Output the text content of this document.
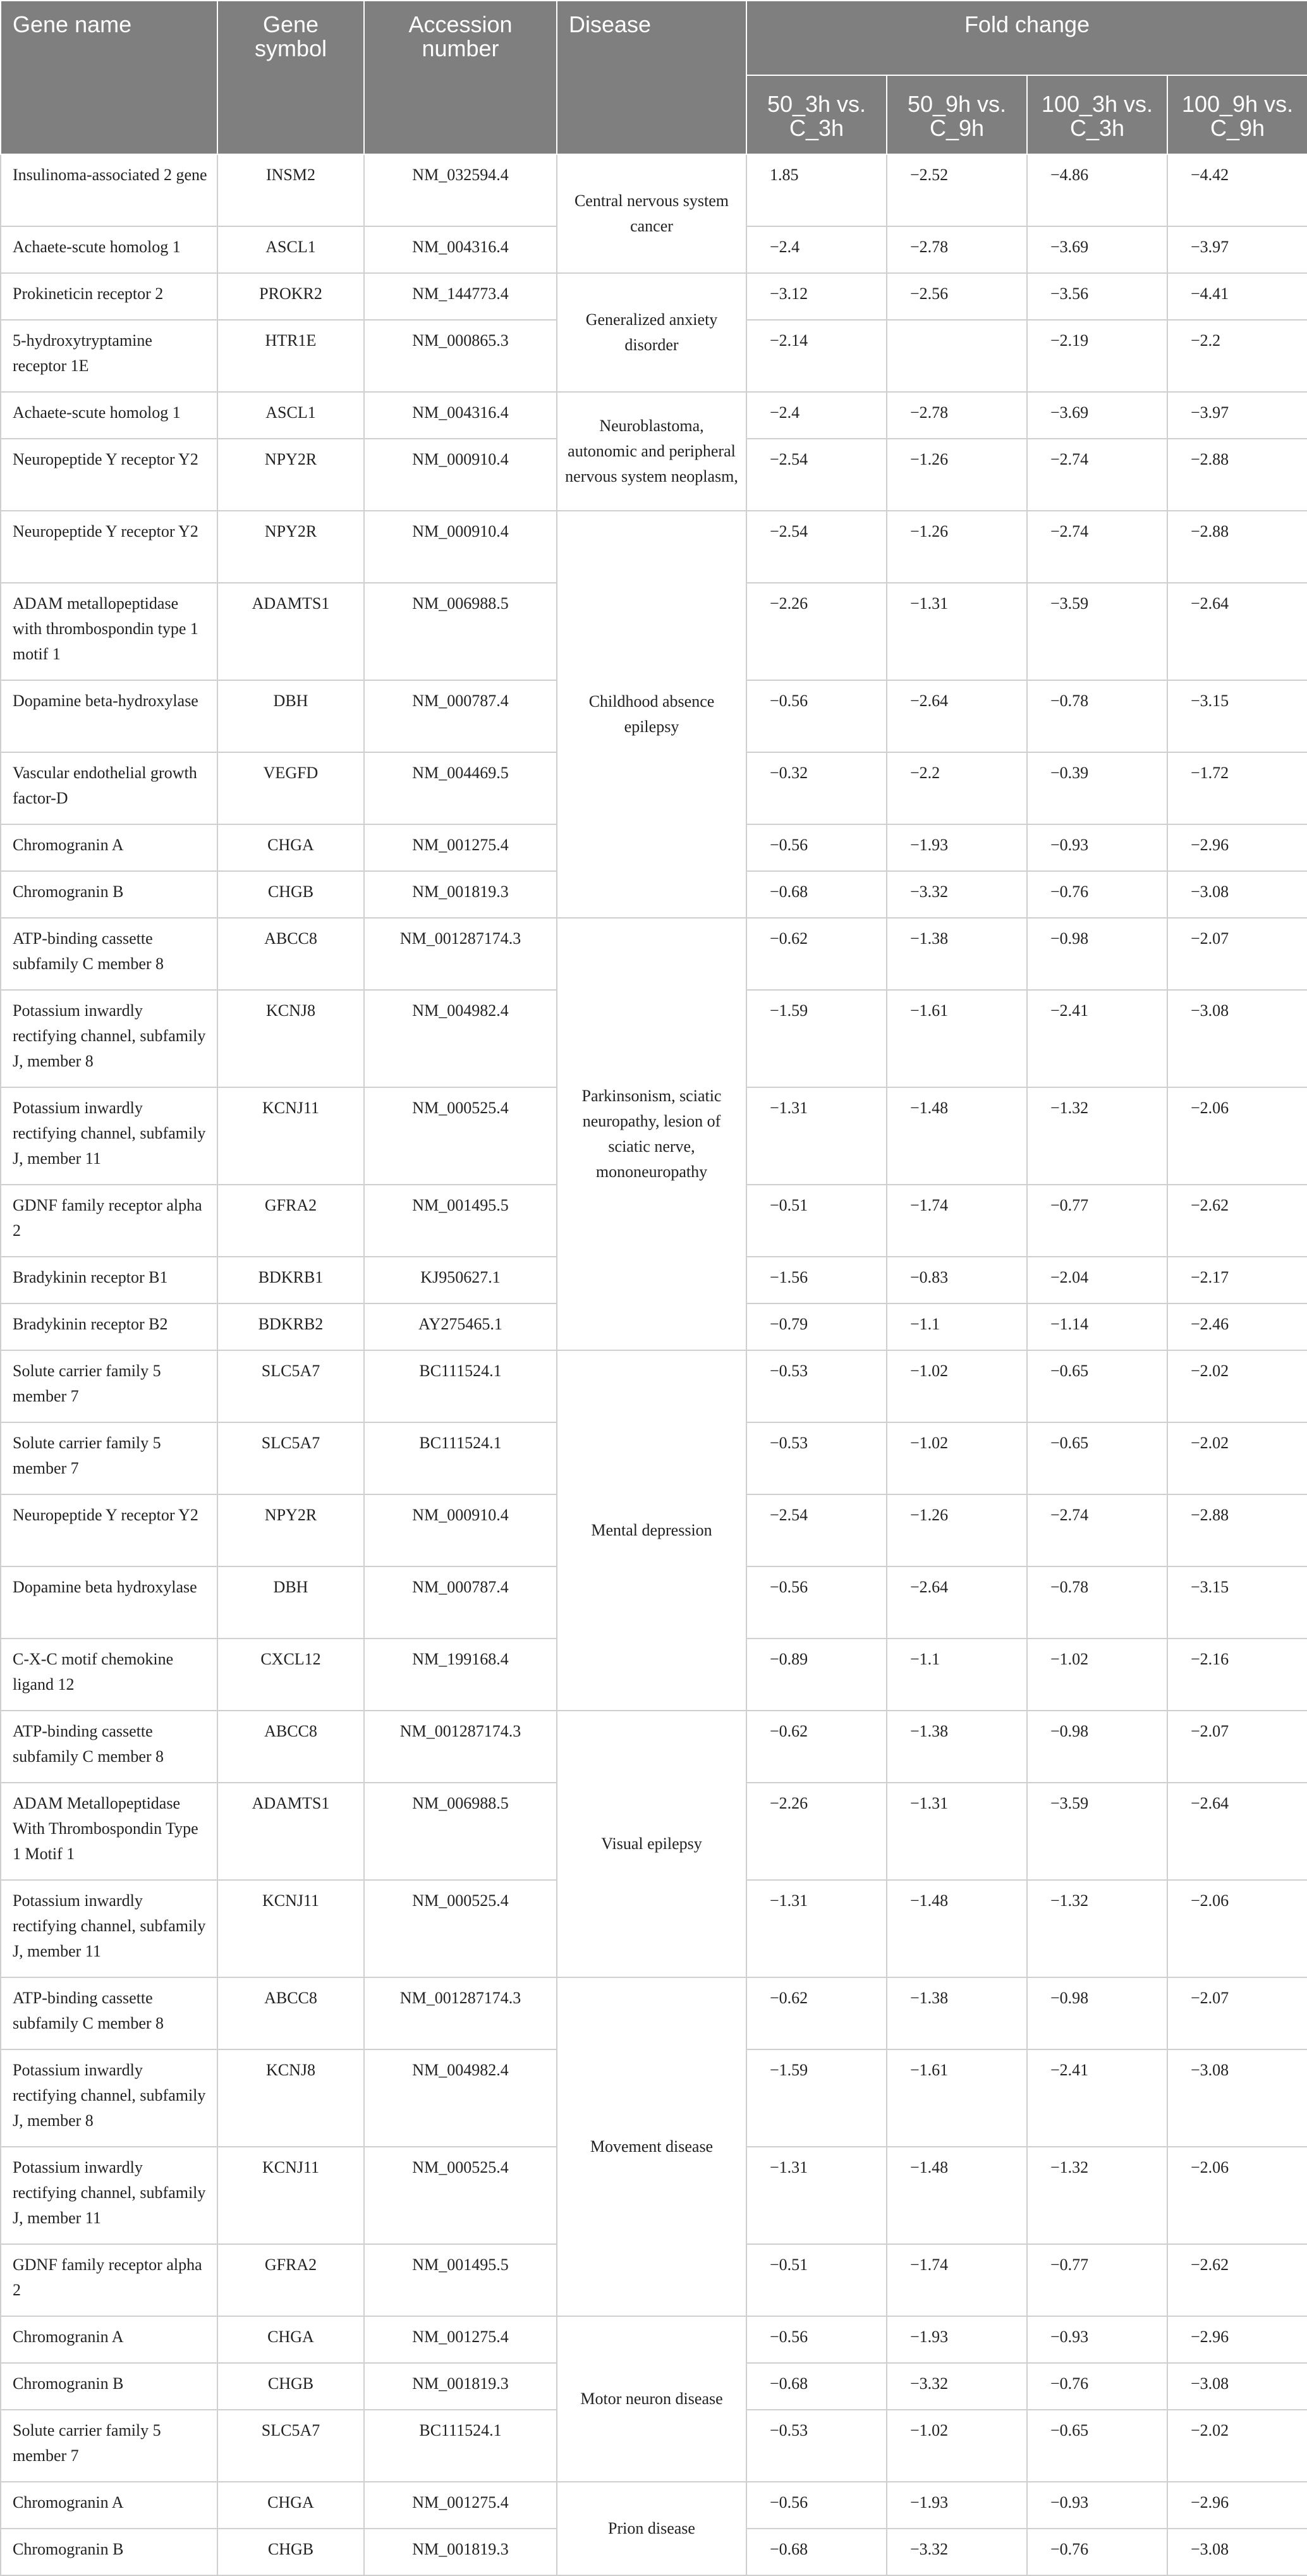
Gene name	Gene symbol	Accession number	Disease	Fold change			
				50_3h vs. C_3h	50_9h vs. C_9h	100_3h vs. C_3h	100_9h vs. C_9h
Insulinoma-associated 2 gene	INSM2	NM_032594.4	Central nervous system cancer	1.85	−2.52	−4.86	−4.42
Achaete-scute homolog 1	ASCL1	NM_004316.4		−2.4	−2.78	−3.69	−3.97
Prokineticin receptor 2	PROKR2	NM_144773.4	Generalized anxiety disorder	−3.12	−2.56	−3.56	−4.41
5-hydroxytryptamine receptor 1E	HTR1E	NM_000865.3		−2.14		−2.19	−2.2
Achaete-scute homolog 1	ASCL1	NM_004316.4	Neuroblastoma, autonomic and peripheral nervous system neoplasm,	−2.4	−2.78	−3.69	−3.97
Neuropeptide Y receptor Y2	NPY2R	NM_000910.4		−2.54	−1.26	−2.74	−2.88
Neuropeptide Y receptor Y2	NPY2R	NM_000910.4	Childhood absence epilepsy	−2.54	−1.26	−2.74	−2.88
ADAM metallopeptidase with thrombospondin type 1 motif 1	ADAMTS1	NM_006988.5		−2.26	−1.31	−3.59	−2.64
Dopamine beta-hydroxylase	DBH	NM_000787.4		−0.56	−2.64	−0.78	−3.15
Vascular endothelial growth factor-D	VEGFD	NM_004469.5		−0.32	−2.2	−0.39	−1.72
Chromogranin A	CHGA	NM_001275.4		−0.56	−1.93	−0.93	−2.96
Chromogranin B	CHGB	NM_001819.3		−0.68	−3.32	−0.76	−3.08
ATP-binding cassette subfamily C member 8	ABCC8	NM_001287174.3	Parkinsonism, sciatic neuropathy, lesion of sciatic nerve, mononeuropathy	−0.62	−1.38	−0.98	−2.07
Potassium inwardly rectifying channel, subfamily J, member 8	KCNJ8	NM_004982.4		−1.59	−1.61	−2.41	−3.08
Potassium inwardly rectifying channel, subfamily J, member 11	KCNJ11	NM_000525.4		−1.31	−1.48	−1.32	−2.06
GDNF family receptor alpha 2	GFRA2	NM_001495.5		−0.51	−1.74	−0.77	−2.62
Bradykinin receptor B1	BDKRB1	KJ950627.1		−1.56	−0.83	−2.04	−2.17
Bradykinin receptor B2	BDKRB2	AY275465.1		−0.79	−1.1	−1.14	−2.46
Solute carrier family 5 member 7	SLC5A7	BC111524.1	Mental depression	−0.53	−1.02	−0.65	−2.02
Solute carrier family 5 member 7	SLC5A7	BC111524.1		−0.53	−1.02	−0.65	−2.02
Neuropeptide Y receptor Y2	NPY2R	NM_000910.4		−2.54	−1.26	−2.74	−2.88
Dopamine beta hydroxylase	DBH	NM_000787.4		−0.56	−2.64	−0.78	−3.15
C-X-C motif chemokine ligand 12	CXCL12	NM_199168.4		−0.89	−1.1	−1.02	−2.16
ATP-binding cassette subfamily C member 8	ABCC8	NM_001287174.3	Visual epilepsy	−0.62	−1.38	−0.98	−2.07
ADAM Metallopeptidase With Thrombospondin Type 1 Motif 1	ADAMTS1	NM_006988.5		−2.26	−1.31	−3.59	−2.64
Potassium inwardly rectifying channel, subfamily J, member 11	KCNJ11	NM_000525.4		−1.31	−1.48	−1.32	−2.06
ATP-binding cassette subfamily C member 8	ABCC8	NM_001287174.3	Movement disease	−0.62	−1.38	−0.98	−2.07
Potassium inwardly rectifying channel, subfamily J, member 8	KCNJ8	NM_004982.4		−1.59	−1.61	−2.41	−3.08
Potassium inwardly rectifying channel, subfamily J, member 11	KCNJ11	NM_000525.4		−1.31	−1.48	−1.32	−2.06
GDNF family receptor alpha 2	GFRA2	NM_001495.5		−0.51	−1.74	−0.77	−2.62
Chromogranin A	CHGA	NM_001275.4	Motor neuron disease	−0.56	−1.93	−0.93	−2.96
Chromogranin B	CHGB	NM_001819.3		−0.68	−3.32	−0.76	−3.08
Solute carrier family 5 member 7	SLC5A7	BC111524.1		−0.53	−1.02	−0.65	−2.02
Chromogranin A	CHGA	NM_001275.4	Prion disease	−0.56	−1.93	−0.93	−2.96
Chromogranin B	CHGB	NM_001819.3		−0.68	−3.32	−0.76	−3.08
